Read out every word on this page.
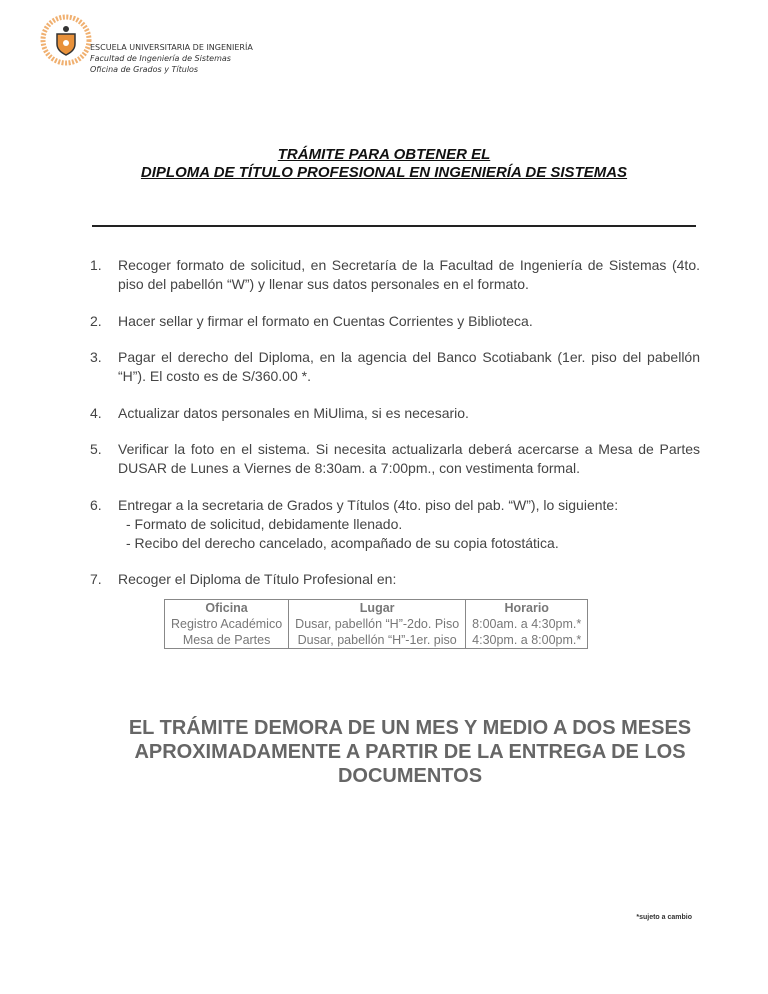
ESCUELA UNIVERSITARIA DE INGENIERÍA
Facultad de Ingeniería de Sistemas
Oficina de Grados y Títulos
TRÁMITE PARA OBTENER EL
DIPLOMA DE TÍTULO PROFESIONAL EN INGENIERÍA DE SISTEMAS
1.	Recoger formato de solicitud, en Secretaría de la Facultad de Ingeniería de Sistemas (4to. piso del pabellón “W”) y llenar sus datos personales en el formato.
2.	Hacer sellar y firmar el formato en Cuentas Corrientes y Biblioteca.
3.	Pagar el derecho del Diploma, en la agencia del Banco Scotiabank (1er. piso del pabellón “H”). El costo es de S/360.00 *.
4.	Actualizar datos personales en MiUlima, si es necesario.
5.	Verificar la foto en el sistema. Si necesita actualizarla deberá acercarse a Mesa de Partes DUSAR de Lunes a Viernes de 8:30am. a 7:00pm., con vestimenta formal.
6.	Entregar a la secretaria de Grados y Títulos (4to. piso del pab. “W”), lo siguiente:
- Formato de solicitud, debidamente llenado.
- Recibo del derecho cancelado, acompañado de su copia fotostática.
7.	Recoger el Diploma de Título Profesional en:
Oficina	Lugar	Horario
Registro Académico	Dusar, pabellón “H”-2do. Piso	8:00am. a 4:30pm.*
Mesa de Partes	Dusar, pabellón “H”-1er. piso	4:30pm. a 8:00pm.*
EL TRÁMITE DEMORA DE UN MES Y MEDIO A DOS MESES APROXIMADAMENTE A PARTIR DE LA ENTREGA DE LOS DOCUMENTOS
*sujeto a cambio
